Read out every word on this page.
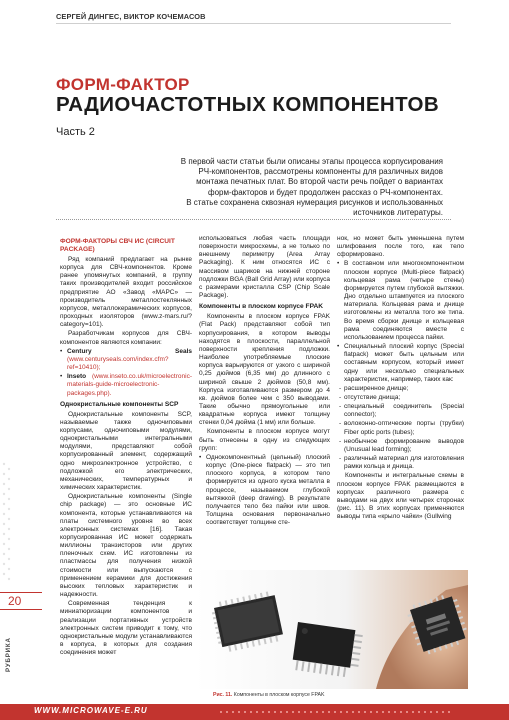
СЕРГЕЙ ДИНГЕС, ВИКТОР КОЧЕМАСОВ
ФОРМ-ФАКТОР
РАДИОЧАСТОТНЫХ КОМПОНЕНТОВ
Часть 2

В первой части статьи были описаны этапы процесса корпусирования

РЧ-компонентов, рассмотрены компоненты для различных видов

монтажа печатных плат. Во второй части речь пойдет о вариантах

форм-факторов и будет продолжен рассказ о РЧ-компонентах.

В статье сохранена сквозная нумерация рисунков и использованных

источников литературы.

РУБРИКА
20
ФОРМ-ФАКТОРЫ СВЧ ИС (CIRCUIT PACKAGE)

Ряд компаний предлагает на рынке корпуса для СВЧ-компонентов. Кроме ранее упомянутых компаний, в группу таких производителей входит российское предприятие АО «Завод «МАРС» — производитель металлостеклянных корпусов, металлокерамических корпусов, проходных изоляторов (www.z-mars.ru/?category=101).

Разработчикам корпусов для СВЧ-компонентов являются компании:

• Century Seals (www.centuryseals.com/index.cfm?ref=10410);
• Inseto (www.inseto.co.uk/microelectronic-materials-guide-microelectronic-packages.php).
Однокристальные компоненты SCP

Однокристальные компоненты SCP, называемые также одночиповыми корпусами, одночиповыми модулями, однокристальными интегральными модулями, представляют собой корпусированный элемент, содержащий одно микроэлектронное устройство, с подложкой его электрических, механических, температурных и химических характеристик.

Однокристальные компоненты (Single chip package) — это основные ИС компонента, которые устанавливаются на платы системного уровня во всех электронных системах [16]. Такая корпусированная ИС может содержать миллионы транзисторов или других пленочных схем. ИС изготовлены из пластмассы для получения низкой стоимости или выпускаются с применением керамики для достижения высоких тепловых характеристик и надежности.

Современная тенденция к миниатюризации компонентов и реализации портативных устройств электронных систем приводит к тому, что однокристальные модули устанавливаются в корпуса, в которых для создания соединения может

использоваться любая часть площади поверхности микросхемы, а не только по внешнему периметру (Area Array Packaging). К ним относятся ИС с массивом шариков на нижней стороне подложки BGA (Ball Grid Array) или корпуса с размерами кристалла CSP (Chip Scale Package).

Компоненты в плоском корпусе FPAK

Компоненты в плоском корпусе FPAK (Flat Pack) представляют собой тип корпусирования, в котором выводы находятся в плоскости, параллельной поверхности крепления подложки. Наиболее употребляемые плоские корпуса варьируются от узкого с шириной 0,25 дюймов (6,35 мм) до длинного с шириной свыше 2 дюймов (50,8 мм). Корпуса изготавливаются размером до 4 кв. дюймов более чем с 350 выводами. Такие обычно прямоугольные или квадратные корпуса имеют толщину стенки 0,04 дюйма (1 мм) или больше.

Компоненты в плоском корпусе могут быть отнесены в одну из следующих групп:

• Однокомпонентный (цельный) плоский корпус (One-piece flatpack) — это тип плоского корпуса, в котором тело формируется из одного куска металла в процессе, называемом глубокой вытяжкой (deep drawing). В результате получается тело без пайки или швов. Толщина основания первоначально соответствует толщине сте-

нок, но может быть уменьшена путем шлифования после того, как тело сформировано.

• В составном или многокомпонентном плоском корпусе (Multi-piece flatpack) кольцевая рама (четыре стены) формируется путем глубокой вытяжки. Дно отдельно штампуется из плоского материала. Кольцевая рама и днище изготовлены из металла того же типа. Во время сборки днище и кольцевая рама соединяются вместе с использованием процесса пайки.
• Специальный плоский корпус (Special flatpack) может быть цельным или составным корпусом, который имеет одну или несколько специальных характеристик, например, таких как:
- расширенное днище;
- отсутствие днища;
- специальный соединитель (Special connector);
- волоконно-оптические порты (трубки) Fiber optic ports (tubes);
- необычное формирование выводов (Unusual lead forming);
- различный материал для изготовления рамки кольца и днища.

Компоненты и интегральные схемы в плоском корпусе FPAK размещаются в корпусах различного размера с выводами на двух или четырех сторонах (рис. 11). В этих корпусах применяются выводы типа «крыло чайки» (Gullwing

Рис. 11. Компоненты в плоском корпусе FPAK
WWW.MICROWAVE-E.RU
